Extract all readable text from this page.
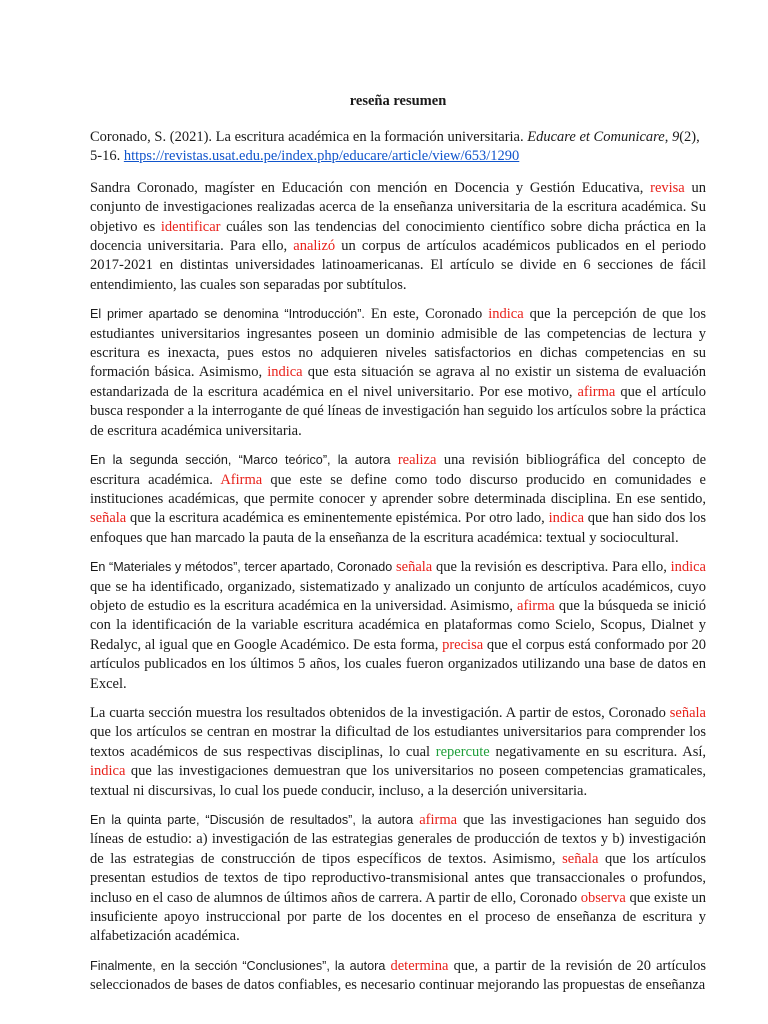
reseña resumen

Coronado, S. (2021). La escritura académica en la formación universitaria. Educare et Comunicare, 9(2), 5-16. https://revistas.usat.edu.pe/index.php/educare/article/view/653/1290

Sandra Coronado, magíster en Educación con mención en Docencia y Gestión Educativa, revisa un conjunto de investigaciones realizadas acerca de la enseñanza universitaria de la escritura académica. Su objetivo es identificar cuáles son las tendencias del conocimiento científico sobre dicha práctica en la docencia universitaria. Para ello, analizó un corpus de artículos académicos publicados en el periodo 2017-2021 en distintas universidades latinoamericanas. El artículo se divide en 6 secciones de fácil entendimiento, las cuales son separadas por subtítulos.

El primer apartado se denomina “Introducción”. En este, Coronado indica que la percepción de que los estudiantes universitarios ingresantes poseen un dominio admisible de las competencias de lectura y escritura es inexacta, pues estos no adquieren niveles satisfactorios en dichas competencias en su formación básica. Asimismo, indica que esta situación se agrava al no existir un sistema de evaluación estandarizada de la escritura académica en el nivel universitario. Por ese motivo, afirma que el artículo busca responder a la interrogante de qué líneas de investigación han seguido los artículos sobre la práctica de escritura académica universitaria.

En la segunda sección, “Marco teórico”, la autora realiza una revisión bibliográfica del concepto de escritura académica. Afirma que este se define como todo discurso producido en comunidades e instituciones académicas, que permite conocer y aprender sobre determinada disciplina. En ese sentido, señala que la escritura académica es eminentemente epistémica. Por otro lado, indica que han sido dos los enfoques que han marcado la pauta de la enseñanza de la escritura académica: textual y sociocultural.

En “Materiales y métodos”, tercer apartado, Coronado señala que la revisión es descriptiva. Para ello, indica que se ha identificado, organizado, sistematizado y analizado un conjunto de artículos académicos, cuyo objeto de estudio es la escritura académica en la universidad. Asimismo, afirma que la búsqueda se inició con la identificación de la variable escritura académica en plataformas como Scielo, Scopus, Dialnet y Redalyc, al igual que en Google Académico. De esta forma, precisa que el corpus está conformado por 20 artículos publicados en los últimos 5 años, los cuales fueron organizados utilizando una base de datos en Excel.

La cuarta sección muestra los resultados obtenidos de la investigación. A partir de estos, Coronado señala que los artículos se centran en mostrar la dificultad de los estudiantes universitarios para comprender los textos académicos de sus respectivas disciplinas, lo cual repercute negativamente en su escritura. Así, indica que las investigaciones demuestran que los universitarios no poseen competencias gramaticales, textual ni discursivas, lo cual los puede conducir, incluso, a la deserción universitaria.

En la quinta parte, “Discusión de resultados”, la autora afirma que las investigaciones han seguido dos líneas de estudio: a) investigación de las estrategias generales de producción de textos y b) investigación de las estrategias de construcción de tipos específicos de textos. Asimismo, señala que los artículos presentan estudios de textos de tipo reproductivo-transmisional antes que transaccionales o profundos, incluso en el caso de alumnos de últimos años de carrera. A partir de ello, Coronado observa que existe un insuficiente apoyo instruccional por parte de los docentes en el proceso de enseñanza de escritura y alfabetización académica.

Finalmente, en la sección “Conclusiones”, la autora determina que, a partir de la revisión de 20 artículos seleccionados de bases de datos confiables, es necesario continuar mejorando las propuestas de enseñanza
